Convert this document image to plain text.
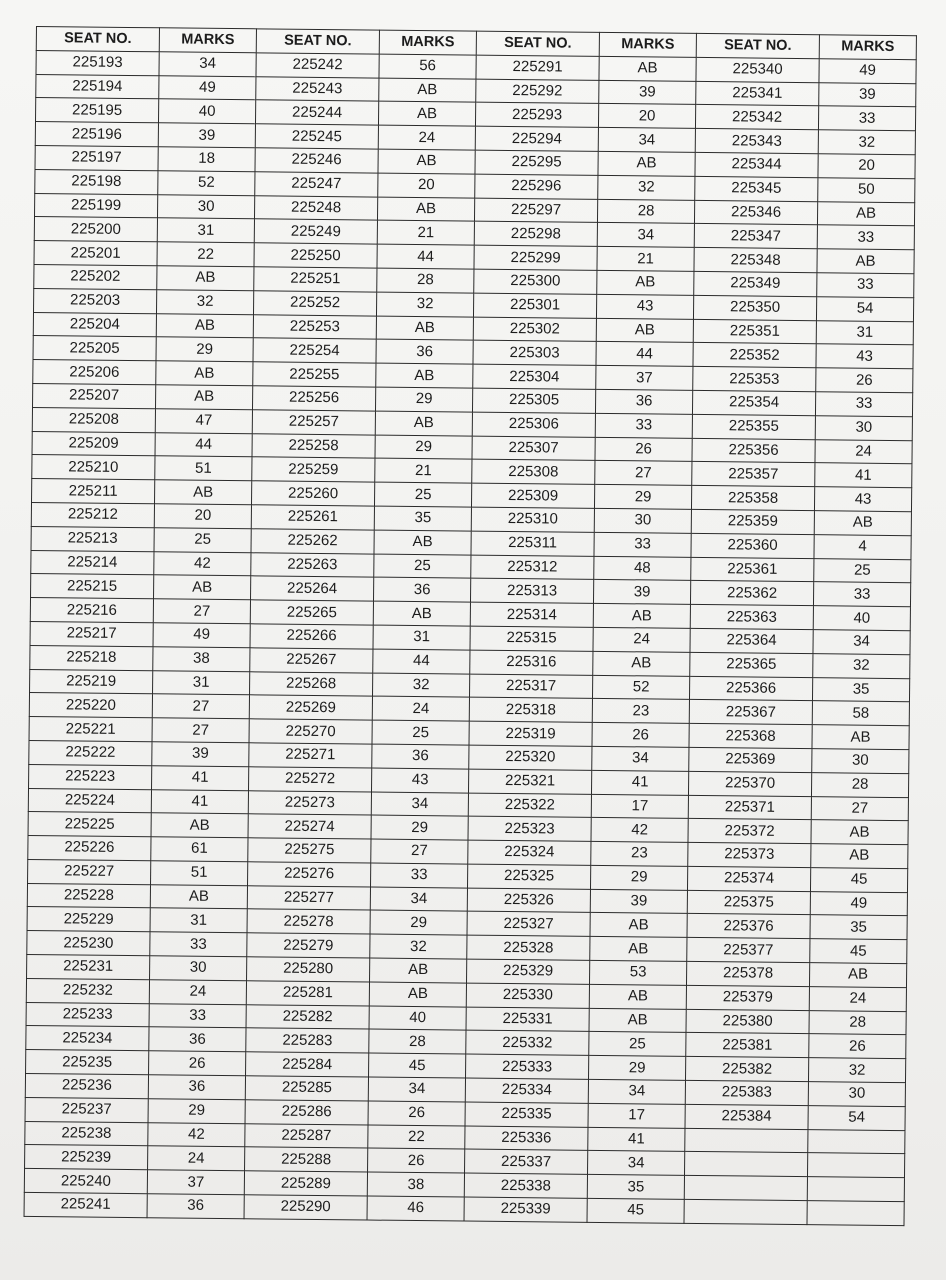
SEAT NO.	MARKS	SEAT NO.	MARKS	SEAT NO.	MARKS	SEAT NO.	MARKS
225193	34	225242	56	225291	AB	225340	49
225194	49	225243	AB	225292	39	225341	39
225195	40	225244	AB	225293	20	225342	33
225196	39	225245	24	225294	34	225343	32
225197	18	225246	AB	225295	AB	225344	20
225198	52	225247	20	225296	32	225345	50
225199	30	225248	AB	225297	28	225346	AB
225200	31	225249	21	225298	34	225347	33
225201	22	225250	44	225299	21	225348	AB
225202	AB	225251	28	225300	AB	225349	33
225203	32	225252	32	225301	43	225350	54
225204	AB	225253	AB	225302	AB	225351	31
225205	29	225254	36	225303	44	225352	43
225206	AB	225255	AB	225304	37	225353	26
225207	AB	225256	29	225305	36	225354	33
225208	47	225257	AB	225306	33	225355	30
225209	44	225258	29	225307	26	225356	24
225210	51	225259	21	225308	27	225357	41
225211	AB	225260	25	225309	29	225358	43
225212	20	225261	35	225310	30	225359	AB
225213	25	225262	AB	225311	33	225360	4
225214	42	225263	25	225312	48	225361	25
225215	AB	225264	36	225313	39	225362	33
225216	27	225265	AB	225314	AB	225363	40
225217	49	225266	31	225315	24	225364	34
225218	38	225267	44	225316	AB	225365	32
225219	31	225268	32	225317	52	225366	35
225220	27	225269	24	225318	23	225367	58
225221	27	225270	25	225319	26	225368	AB
225222	39	225271	36	225320	34	225369	30
225223	41	225272	43	225321	41	225370	28
225224	41	225273	34	225322	17	225371	27
225225	AB	225274	29	225323	42	225372	AB
225226	61	225275	27	225324	23	225373	AB
225227	51	225276	33	225325	29	225374	45
225228	AB	225277	34	225326	39	225375	49
225229	31	225278	29	225327	AB	225376	35
225230	33	225279	32	225328	AB	225377	45
225231	30	225280	AB	225329	53	225378	AB
225232	24	225281	AB	225330	AB	225379	24
225233	33	225282	40	225331	AB	225380	28
225234	36	225283	28	225332	25	225381	26
225235	26	225284	45	225333	29	225382	32
225236	36	225285	34	225334	34	225383	30
225237	29	225286	26	225335	17	225384	54
225238	42	225287	22	225336	41		
225239	24	225288	26	225337	34		
225240	37	225289	38	225338	35		
225241	36	225290	46	225339	45		
